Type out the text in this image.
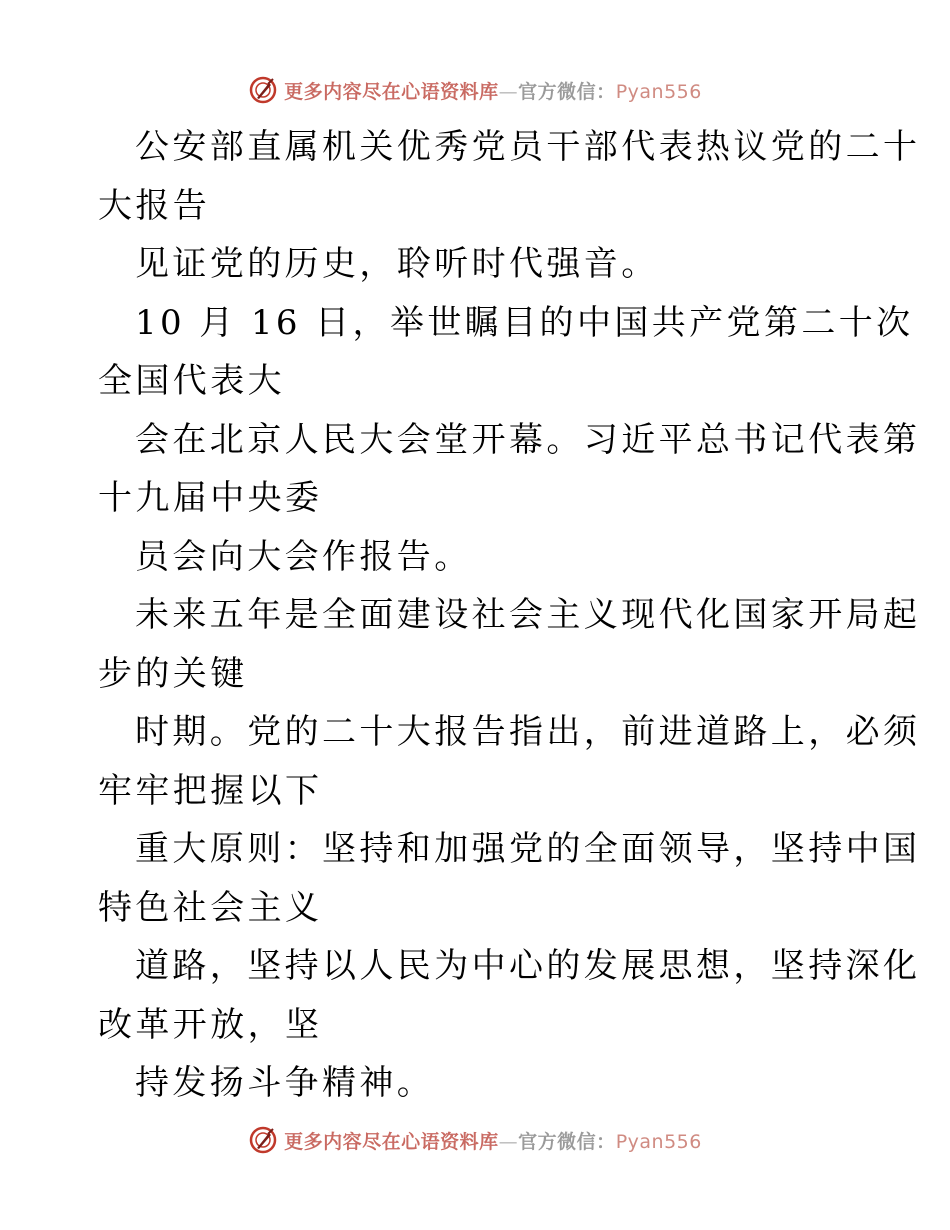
更多内容尽在心语资料库—官方微信：Pyan556
公安部直属机关优秀党员干部代表热议党的二十
大报告
见证党的历史，聆听时代强音。
10 月 16 日，举世瞩目的中国共产党第二十次
全国代表大
会在北京人民大会堂开幕。习近平总书记代表第
十九届中央委
员会向大会作报告。
未来五年是全面建设社会主义现代化国家开局起
步的关键
时期。党的二十大报告指出，前进道路上，必须
牢牢把握以下
重大原则：坚持和加强党的全面领导，坚持中国
特色社会主义
道路，坚持以人民为中心的发展思想，坚持深化
改革开放，坚
持发扬斗争精神。
更多内容尽在心语资料库—官方微信：Pyan556
